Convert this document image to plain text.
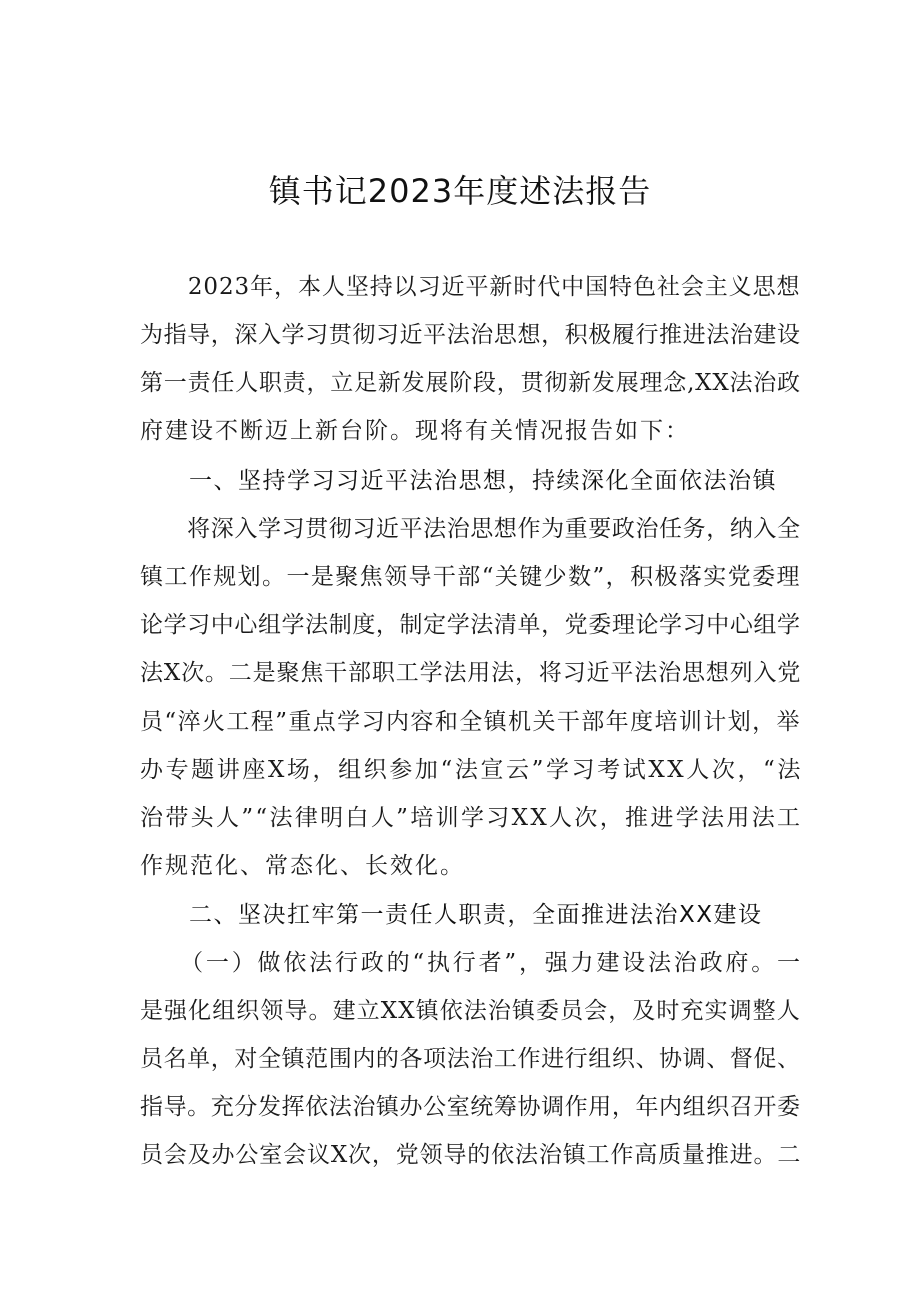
镇书记2023年度述法报告
　　2023年，本人坚持以习近平新时代中国特色社会主义思想
为指导，深入学习贯彻习近平法治思想，积极履行推进法治建设
第一责任人职责，立足新发展阶段，贯彻新发展理念,XX法治政
府建设不断迈上新台阶。现将有关情况报告如下：
　　一、坚持学习习近平法治思想，持续深化全面依法治镇
　　将深入学习贯彻习近平法治思想作为重要政治任务，纳入全
镇工作规划。一是聚焦领导干部“关键少数”，积极落实党委理
论学习中心组学法制度，制定学法清单，党委理论学习中心组学
法X次。二是聚焦干部职工学法用法，将习近平法治思想列入党
员“淬火工程”重点学习内容和全镇机关干部年度培训计划，举
办专题讲座X场，组织参加“法宣云”学习考试XX人次，“法
治带头人”“法律明白人”培训学习XX人次，推进学法用法工
作规范化、常态化、长效化。
　　二、坚决扛牢第一责任人职责，全面推进法治XX建设
　　（一）做依法行政的“执行者”，强力建设法治政府。一
是强化组织领导。建立XX镇依法治镇委员会，及时充实调整人
员名单，对全镇范围内的各项法治工作进行组织、协调、督促、
指导。充分发挥依法治镇办公室统筹协调作用，年内组织召开委
员会及办公室会议X次，党领导的依法治镇工作高质量推进。二
